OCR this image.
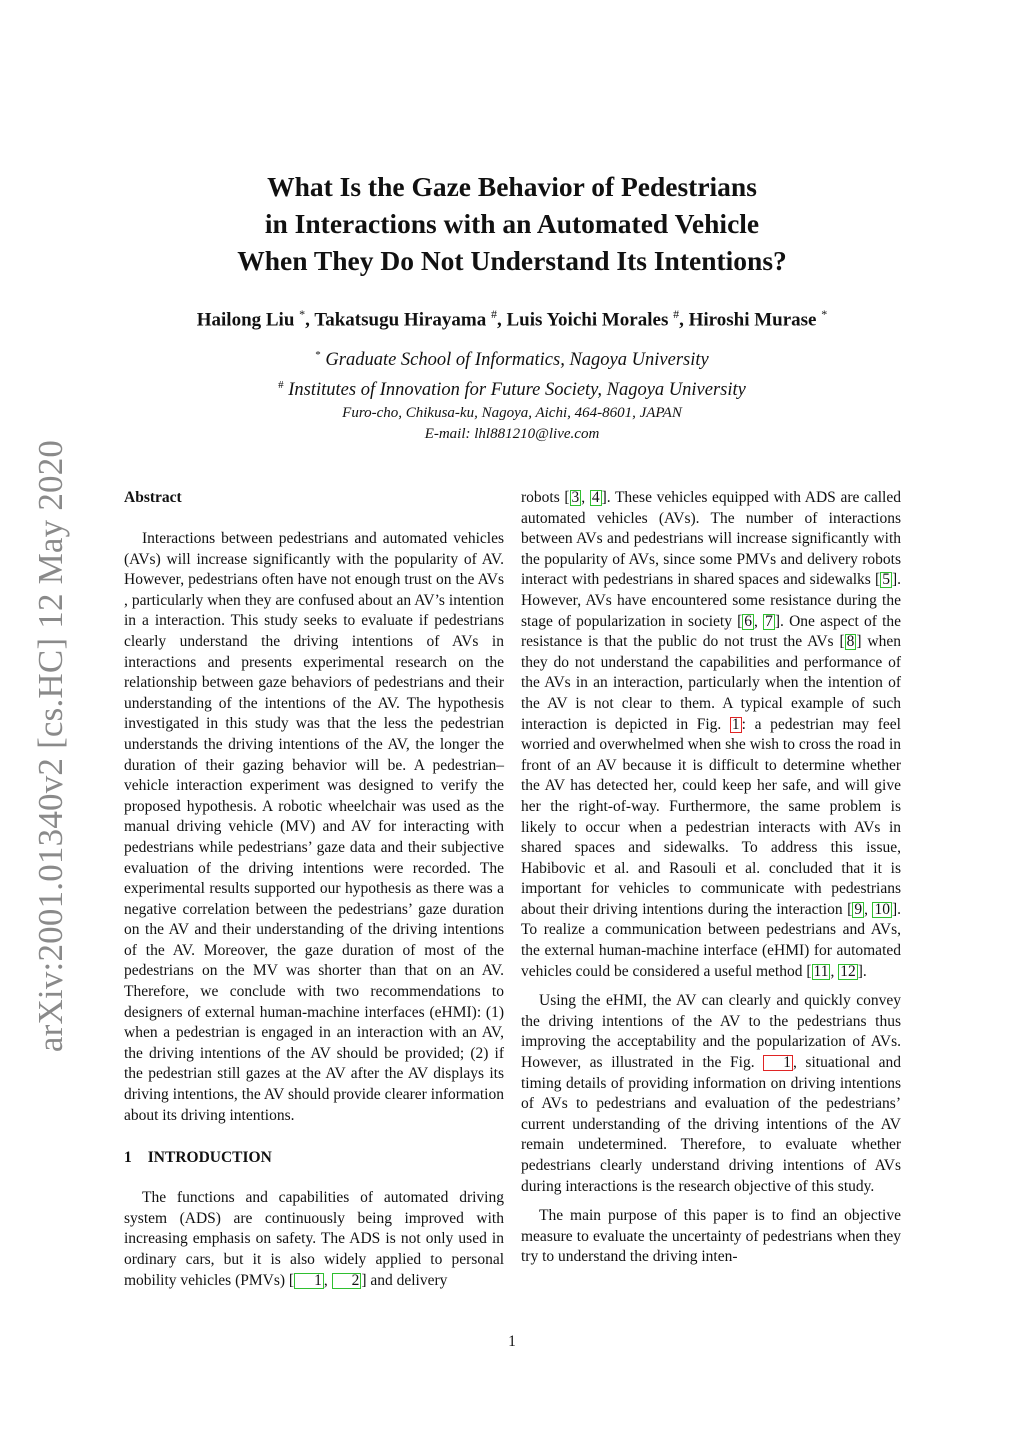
arXiv:2001.01340v2 [cs.HC] 12 May 2020
What Is the Gaze Behavior of Pedestrians
in Interactions with an Automated Vehicle
When They Do Not Understand Its Intentions?
Hailong Liu *, Takatsugu Hirayama #, Luis Yoichi Morales #, Hiroshi Murase *
* Graduate School of Informatics, Nagoya University
# Institutes of Innovation for Future Society, Nagoya University
Furo-cho, Chikusa-ku, Nagoya, Aichi, 464-8601, JAPAN
E-mail: lhl881210@live.com
Abstract

Interactions between pedestrians and automated vehicles (AVs) will increase significantly with the popularity of AV. However, pedestrians often have not enough trust on the AVs , particularly when they are confused about an AV’s intention in a interaction. This study seeks to evaluate if pedestrians clearly understand the driving intentions of AVs in interactions and presents experimental research on the relationship between gaze behaviors of pedestrians and their understanding of the intentions of the AV. The hypothesis investigated in this study was that the less the pedestrian understands the driving intentions of the AV, the longer the duration of their gazing behavior will be. A pedestrian–vehicle interaction experiment was designed to verify the proposed hypothesis. A robotic wheelchair was used as the manual driving vehicle (MV) and AV for interacting with pedestrians while pedestrians’ gaze data and their subjective evaluation of the driving intentions were recorded. The experimental results supported our hypothesis as there was a negative correlation between the pedestrians’ gaze duration on the AV and their understanding of the driving intentions of the AV. Moreover, the gaze duration of most of the pedestrians on the MV was shorter than that on an AV. Therefore, we conclude with two recommendations to designers of external human-machine interfaces (eHMI): (1) when a pedestrian is engaged in an interaction with an AV, the driving intentions of the AV should be provided; (2) if the pedestrian still gazes at the AV after the AV displays its driving intentions, the AV should provide clearer information about its driving intentions.

1 INTRODUCTION

The functions and capabilities of automated driving system (ADS) are continuously being improved with increasing emphasis on safety. The ADS is not only used in ordinary cars, but it is also widely applied to personal mobility vehicles (PMVs) [ 1 , 2 ] and delivery

robots [ 3 , 4 ]. These vehicles equipped with ADS are called automated vehicles (AVs). The number of interactions between AVs and pedestrians will increase significantly with the popularity of AVs, since some PMVs and delivery robots interact with pedestrians in shared spaces and sidewalks [ 5 ]. However, AVs have encountered some resistance during the stage of popularization in society [ 6 , 7 ]. One aspect of the resistance is that the public do not trust the AVs [ 8 ] when they do not understand the capabilities and performance of the AVs in an interaction, particularly when the intention of the AV is not clear to them. A typical example of such interaction is depicted in Fig. 1 : a pedestrian may feel worried and overwhelmed when she wish to cross the road in front of an AV because it is difficult to determine whether the AV has detected her, could keep her safe, and will give her the right-of-way. Furthermore, the same problem is likely to occur when a pedestrian interacts with AVs in shared spaces and sidewalks. To address this issue, Habibovic et al. and Rasouli et al. concluded that it is important for vehicles to communicate with pedestrians about their driving intentions during the interaction [ 9 , 10 ]. To realize a communication between pedestrians and AVs, the external human-machine interface (eHMI) for automated vehicles could be considered a useful method [ 11 , 12 ].

Using the eHMI, the AV can clearly and quickly convey the driving intentions of the AV to the pedestrians thus improving the acceptability and the popularization of AVs. However, as illustrated in the Fig. 1 , situational and timing details of providing information on driving intentions of AVs to pedestrians and evaluation of the pedestrians’ current understanding of the driving intentions of the AV remain undetermined. Therefore, to evaluate whether pedestrians clearly understand driving intentions of AVs during interactions is the research objective of this study.

The main purpose of this paper is to find an objective measure to evaluate the uncertainty of pedestrians when they try to understand the driving inten-

1
